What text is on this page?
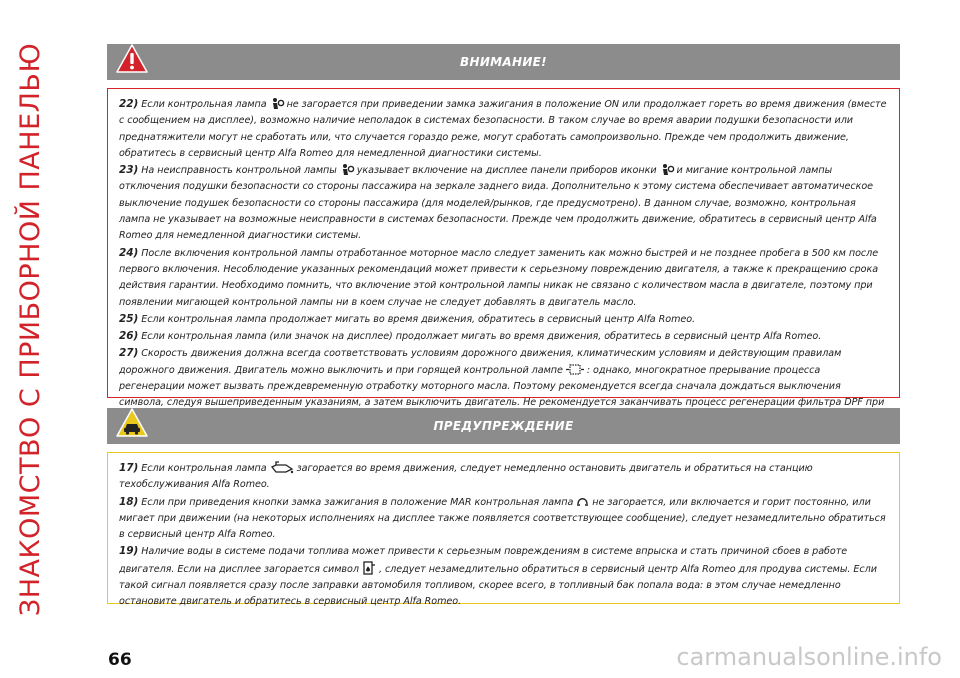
ЗНАКОМСТВО С ПРИБОРНОЙ ПАНЕЛЬЮ	ВНИМАНИЕ!

22) Если контрольная лампа не загорается при приведении замка зажигания в положение ON или продолжает гореть во время движения (вместе с сообщением на дисплее), возможно наличие неполадок в системах безопасности. В таком случае во время аварии подушки безопасности или преднатяжители могут не сработать или, что случается гораздо реже, могут сработать самопроизвольно. Прежде чем продолжить движение, обратитесь в сервисный центр Alfa Romeo для немедленной диагностики системы.

23) На неисправность контрольной лампы указывает включение на дисплее панели приборов иконки и мигание контрольной лампы отключения подушки безопасности со стороны пассажира на зеркале заднего вида. Дополнительно к этому система обеспечивает автоматическое выключение подушек безопасности со стороны пассажира (для моделей/рынков, где предусмотрено). В данном случае, возможно, контрольная лампа не указывает на возможные неисправности в системах безопасности. Прежде чем продолжить движение, обратитесь в сервисный центр Alfa Romeo для немедленной диагностики системы.

24) После включения контрольной лампы отработанное моторное масло следует заменить как можно быстрей и не позднее пробега в 500 км после первого включения. Несоблюдение указанных рекомендаций может привести к серьезному повреждению двигателя, а также к прекращению срока действия гарантии. Необходимо помнить, что включение этой контрольной лампы никак не связано с количеством масла в двигателе, поэтому при появлении мигающей контрольной лампы ни в коем случае не следует добавлять в двигатель масло.

25) Если контрольная лампа продолжает мигать во время движения, обратитесь в сервисный центр Alfa Romeo.

26) Если контрольная лампа (или значок на дисплее) продолжает мигать во время движения, обратитесь в сервисный центр Alfa Romeo.

27) Скорость движения должна всегда соответствовать условиям дорожного движения, климатическим условиям и действующим правилам дорожного движения. Двигатель можно выключить и при горящей контрольной лампе	: однако, многократное прерывание процесса регенерации может вызвать преждевременную отработку моторного масла. Поэтому рекомендуется всегда сначала дождаться выключения символа, следуя вышеприведенным указаниям, а затем выключить двигатель. Не рекомендуется заканчивать процесс регенерации фильтра DPF при

ПРЕДУПРЕЖДЕНИЕ

17) Если контрольная лампа	загорается во время движения, следует немедленно остановить двигатель и обратиться на станцию техобслуживания Alfa Romeo.

18) Если при приведения кнопки замка зажигания в положение MAR контрольная лампа не загорается, или включается и горит постоянно, или мигает при движении (на некоторых исполнениях на дисплее также появляется соответствующее сообщение), следует незамедлительно обратиться в сервисный центр Alfa Romeo.

19) Наличие воды в системе подачи топлива может привести к серьезным повреждениям в системе впрыска и стать причиной сбоев в работе двигателя. Если на дисплее загорается символ , следует незамедлительно обратиться в сервисный центр Alfa Romeo для продува системы. Если такой сигнал появляется сразу после заправки автомобиля топливом, скорее всего, в топливный бак попала вода: в этом случае немедленно остановите двигатель и обратитесь в сервисный центр Alfa Romeo.

66	carmanualsonline.info
